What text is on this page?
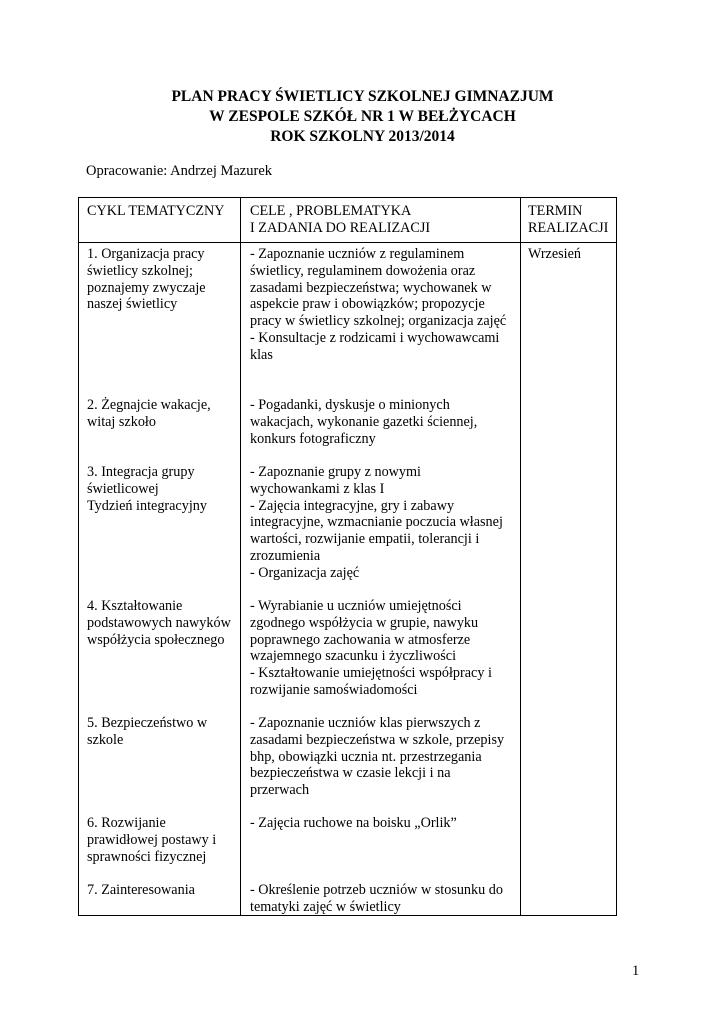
PLAN PRACY ŚWIETLICY SZKOLNEJ GIMNAZJUM
W ZESPOLE SZKÓŁ NR 1 W BEŁŻYCACH
ROK SZKOLNY 2013/2014
Opracowanie: Andrzej Mazurek
CYKL TEMATYCZNY CELE , PROBLEMATYKA
I ZADANIA DO REALIZACJI
TERMIN
REALIZACJI
1. Organizacja pracy
świetlicy szkolnej;
poznajemy zwyczaje
naszej świetlicy
- Zapoznanie uczniów z regulaminem
świetlicy, regulaminem dowożenia oraz
zasadami bezpieczeństwa; wychowanek w
aspekcie praw i obowiązków; propozycje
pracy w świetlicy szkolnej; organizacja zajęć
- Konsultacje z rodzicami i wychowawcami
klas
Wrzesień
2. Żegnajcie wakacje,
witaj szkoło
- Pogadanki, dyskusje o minionych
wakacjach, wykonanie gazetki ściennej,
konkurs fotograficzny
3. Integracja grupy
świetlicowej
Tydzień integracyjny
- Zapoznanie grupy z nowymi
wychowankami z klas I
- Zajęcia integracyjne, gry i zabawy
integracyjne, wzmacnianie poczucia własnej
wartości, rozwijanie empatii, tolerancji i
zrozumienia
- Organizacja zajęć
4. Kształtowanie
podstawowych nawyków
współżycia społecznego
- Wyrabianie u uczniów umiejętności
zgodnego współżycia w grupie, nawyku
poprawnego zachowania w atmosferze
wzajemnego szacunku i życzliwości
- Kształtowanie umiejętności współpracy i
rozwijanie samoświadomości
5. Bezpieczeństwo w
szkole
- Zapoznanie uczniów klas pierwszych z
zasadami bezpieczeństwa w szkole, przepisy
bhp, obowiązki ucznia nt. przestrzegania
bezpieczeństwa w czasie lekcji i na
przerwach
6. Rozwijanie
prawidłowej postawy i
sprawności fizycznej
- Zajęcia ruchowe na boisku „Orlik”
7. Zainteresowania	- Określenie potrzeb uczniów w stosunku do
tematyki zajęć w świetlicy
1
